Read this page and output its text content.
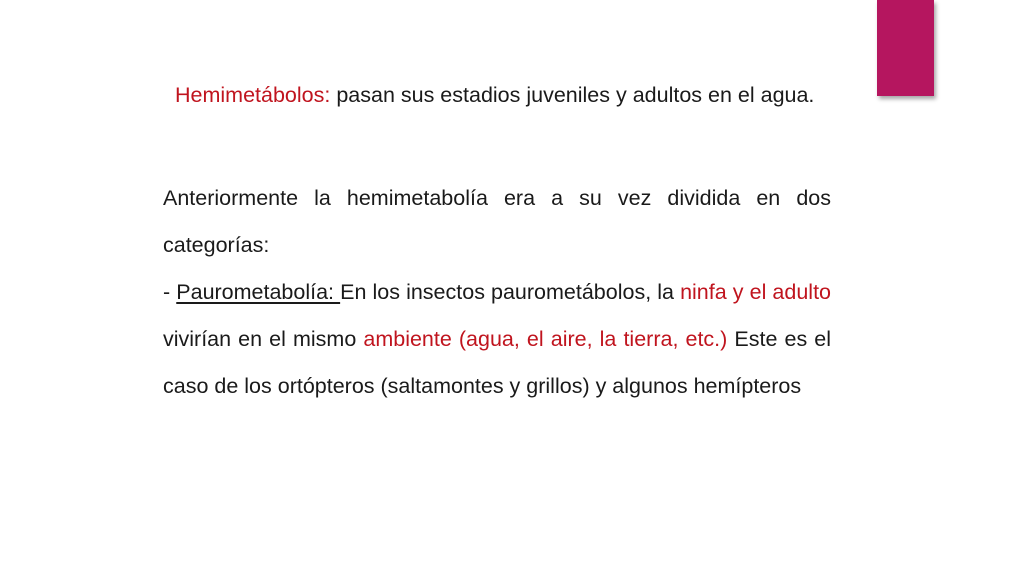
Hemimetábolos: pasan sus estadios juveniles y adultos en el agua.

Anteriormente la hemimetabolía era a su vez dividida en dos categorías:
- Paurometabolía: En los insectos paurometábolos, la ninfa y el adulto vivirían en el mismo ambiente (agua, el aire, la tierra, etc.) Este es el caso de los ortópteros (saltamontes y grillos) y algunos hemípteros
